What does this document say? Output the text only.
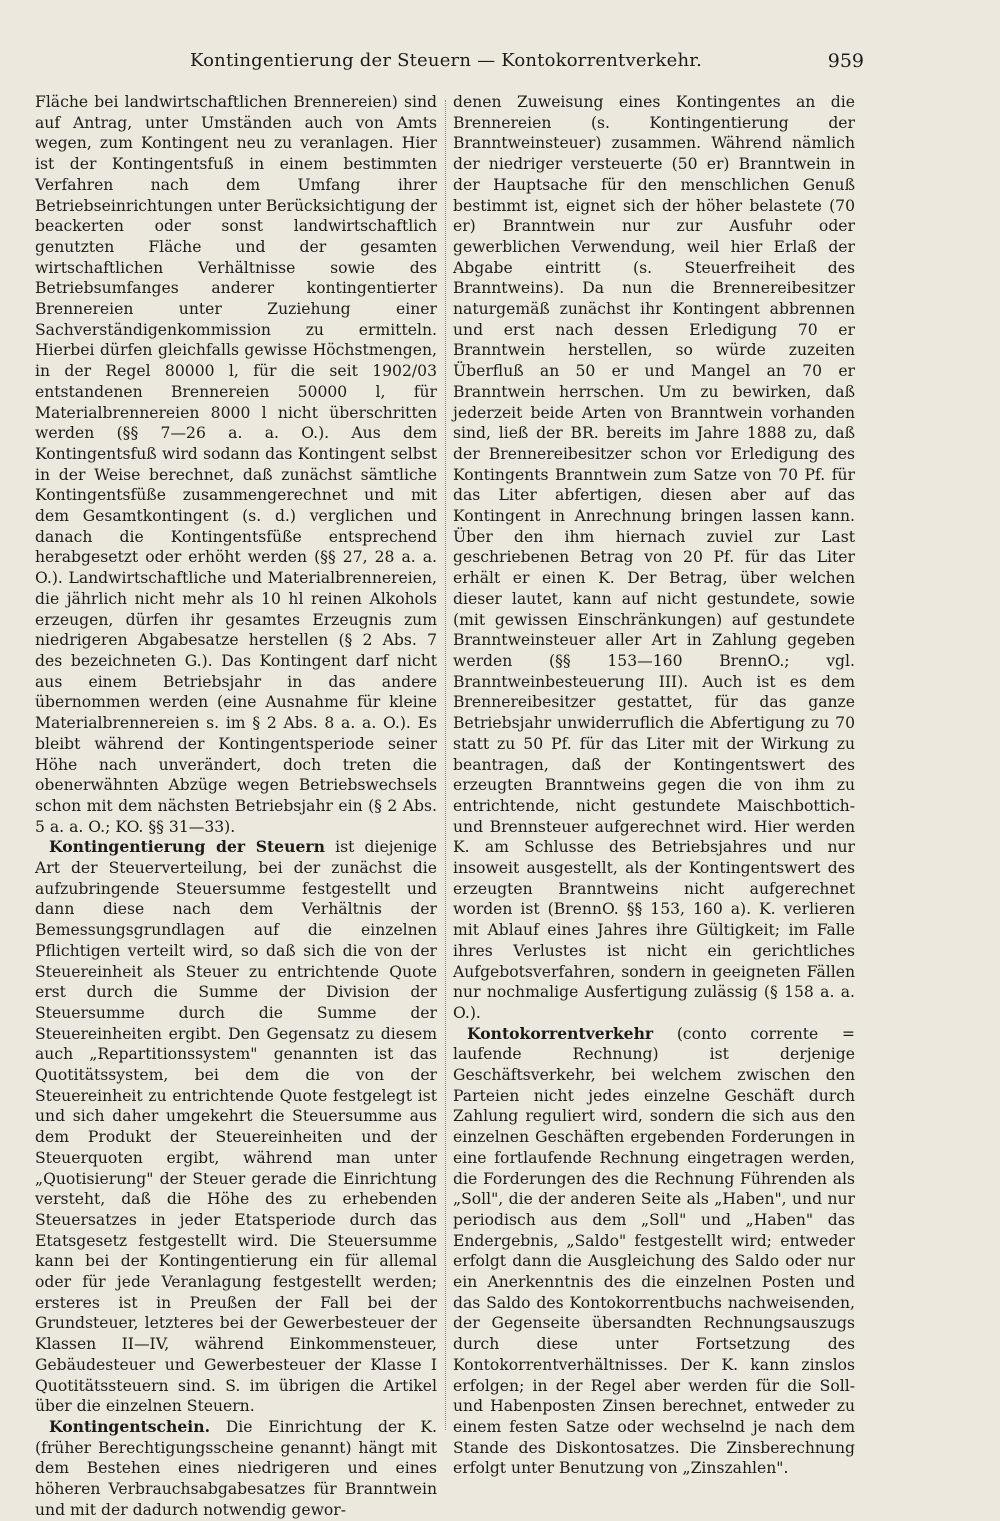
Kontingentierung der Steuern — Kontokorrentverkehr.	959

Fläche bei landwirtschaftlichen Brennereien) sind auf Antrag, unter Umständen auch von Amts wegen, zum Kontingent neu zu veranlagen. Hier ist der Kontingentsfuß in einem bestimmten Verfahren nach dem Umfang ihrer Betriebseinrichtungen unter Berücksichtigung der beackerten oder sonst landwirtschaftlich genutzten Fläche und der gesamten wirtschaftlichen Verhältnisse sowie des Betriebsumfanges anderer kontingentierter Brennereien unter Zuziehung einer Sachverständigenkommission zu ermitteln. Hierbei dürfen gleichfalls gewisse Höchstmengen, in der Regel 80000 l, für die seit 1902/03 entstandenen Brennereien 50000 l, für Materialbrennereien 8000 l nicht überschritten werden (§§ 7—26 a. a. O.). Aus dem Kontingentsfuß wird sodann das Kontingent selbst in der Weise berechnet, daß zunächst sämtliche Kontingentsfüße zusammengerechnet und mit dem Gesamtkontingent (s. d.) verglichen und danach die Kontingentsfüße entsprechend herabgesetzt oder erhöht werden (§§ 27, 28 a. a. O.). Landwirtschaftliche und Materialbrennereien, die jährlich nicht mehr als 10 hl reinen Alkohols erzeugen, dürfen ihr gesamtes Erzeugnis zum niedrigeren Abgabesatze herstellen (§ 2 Abs. 7 des bezeichneten G.). Das Kontingent darf nicht aus einem Betriebsjahr in das andere übernommen werden (eine Ausnahme für kleine Materialbrennereien s. im § 2 Abs. 8 a. a. O.). Es bleibt während der Kontingentsperiode seiner Höhe nach unverändert, doch treten die obenerwähnten Abzüge wegen Betriebswechsels schon mit dem nächsten Betriebsjahr ein (§ 2 Abs. 5 a. a. O.; KO. §§ 31—33).

Kontingentierung der Steuern ist diejenige Art der Steuerverteilung, bei der zunächst die aufzubringende Steuersumme festgestellt und dann diese nach dem Verhältnis der Bemessungsgrundlagen auf die einzelnen Pflichtigen verteilt wird, so daß sich die von der Steuereinheit als Steuer zu entrichtende Quote erst durch die Summe der Division der Steuersumme durch die Summe der Steuereinheiten ergibt. Den Gegensatz zu diesem auch „Repartitionssystem" genannten ist das Quotitätssystem, bei dem die von der Steuereinheit zu entrichtende Quote festgelegt ist und sich daher umgekehrt die Steuersumme aus dem Produkt der Steuereinheiten und der Steuerquoten ergibt, während man unter „Quotisierung" der Steuer gerade die Einrichtung versteht, daß die Höhe des zu erhebenden Steuersatzes in jeder Etatsperiode durch das Etatsgesetz festgestellt wird. Die Steuersumme kann bei der Kontingentierung ein für allemal oder für jede Veranlagung festgestellt werden; ersteres ist in Preußen der Fall bei der Grundsteuer, letzteres bei der Gewerbesteuer der Klassen II—IV, während Einkommensteuer, Gebäudesteuer und Gewerbesteuer der Klasse I Quotitätssteuern sind. S. im übrigen die Artikel über die einzelnen Steuern.

Kontingentschein. Die Einrichtung der K. (früher Berechtigungsscheine genannt) hängt mit dem Bestehen eines niedrigeren und eines höheren Verbrauchsabgabesatzes für Branntwein und mit der dadurch notwendig gewor-

denen Zuweisung eines Kontingentes an die Brennereien (s. Kontingentierung der Branntweinsteuer) zusammen. Während nämlich der niedriger versteuerte (50 er) Branntwein in der Hauptsache für den menschlichen Genuß bestimmt ist, eignet sich der höher belastete (70 er) Branntwein nur zur Ausfuhr oder gewerblichen Verwendung, weil hier Erlaß der Abgabe eintritt (s. Steuerfreiheit des Branntweins). Da nun die Brennereibesitzer naturgemäß zunächst ihr Kontingent abbrennen und erst nach dessen Erledigung 70 er Branntwein herstellen, so würde zuzeiten Überfluß an 50 er und Mangel an 70 er Branntwein herrschen. Um zu bewirken, daß jederzeit beide Arten von Branntwein vorhanden sind, ließ der BR. bereits im Jahre 1888 zu, daß der Brennereibesitzer schon vor Erledigung des Kontingents Branntwein zum Satze von 70 Pf. für das Liter abfertigen, diesen aber auf das Kontingent in Anrechnung bringen lassen kann. Über den ihm hiernach zuviel zur Last geschriebenen Betrag von 20 Pf. für das Liter erhält er einen K. Der Betrag, über welchen dieser lautet, kann auf nicht gestundete, sowie (mit gewissen Einschränkungen) auf gestundete Branntweinsteuer aller Art in Zahlung gegeben werden (§§ 153—160 BrennO.; vgl. Branntweinbesteuerung III). Auch ist es dem Brennereibesitzer gestattet, für das ganze Betriebsjahr unwiderruflich die Abfertigung zu 70 statt zu 50 Pf. für das Liter mit der Wirkung zu beantragen, daß der Kontingentswert des erzeugten Branntweins gegen die von ihm zu entrichtende, nicht gestundete Maischbottich- und Brennsteuer aufgerechnet wird. Hier werden K. am Schlusse des Betriebsjahres und nur insoweit ausgestellt, als der Kontingentswert des erzeugten Branntweins nicht aufgerechnet worden ist (BrennO. §§ 153, 160 a). K. verlieren mit Ablauf eines Jahres ihre Gültigkeit; im Falle ihres Verlustes ist nicht ein gerichtliches Aufgebotsverfahren, sondern in geeigneten Fällen nur nochmalige Ausfertigung zulässig (§ 158 a. a. O.).

Kontokorrentverkehr (conto corrente = laufende Rechnung) ist derjenige Geschäftsverkehr, bei welchem zwischen den Parteien nicht jedes einzelne Geschäft durch Zahlung reguliert wird, sondern die sich aus den einzelnen Geschäften ergebenden Forderungen in eine fortlaufende Rechnung eingetragen werden, die Forderungen des die Rechnung Führenden als „Soll", die der anderen Seite als „Haben", und nur periodisch aus dem „Soll" und „Haben" das Endergebnis, „Saldo" festgestellt wird; entweder erfolgt dann die Ausgleichung des Saldo oder nur ein Anerkenntnis des die einzelnen Posten und das Saldo des Kontokorrentbuchs nachweisenden, der Gegenseite übersandten Rechnungsauszugs durch diese unter Fortsetzung des Kontokorrentverhältnisses. Der K. kann zinslos erfolgen; in der Regel aber werden für die Soll- und Habenposten Zinsen berechnet, entweder zu einem festen Satze oder wechselnd je nach dem Stande des Diskontosatzes. Die Zinsberechnung erfolgt unter Benutzung von „Zinszahlen".
